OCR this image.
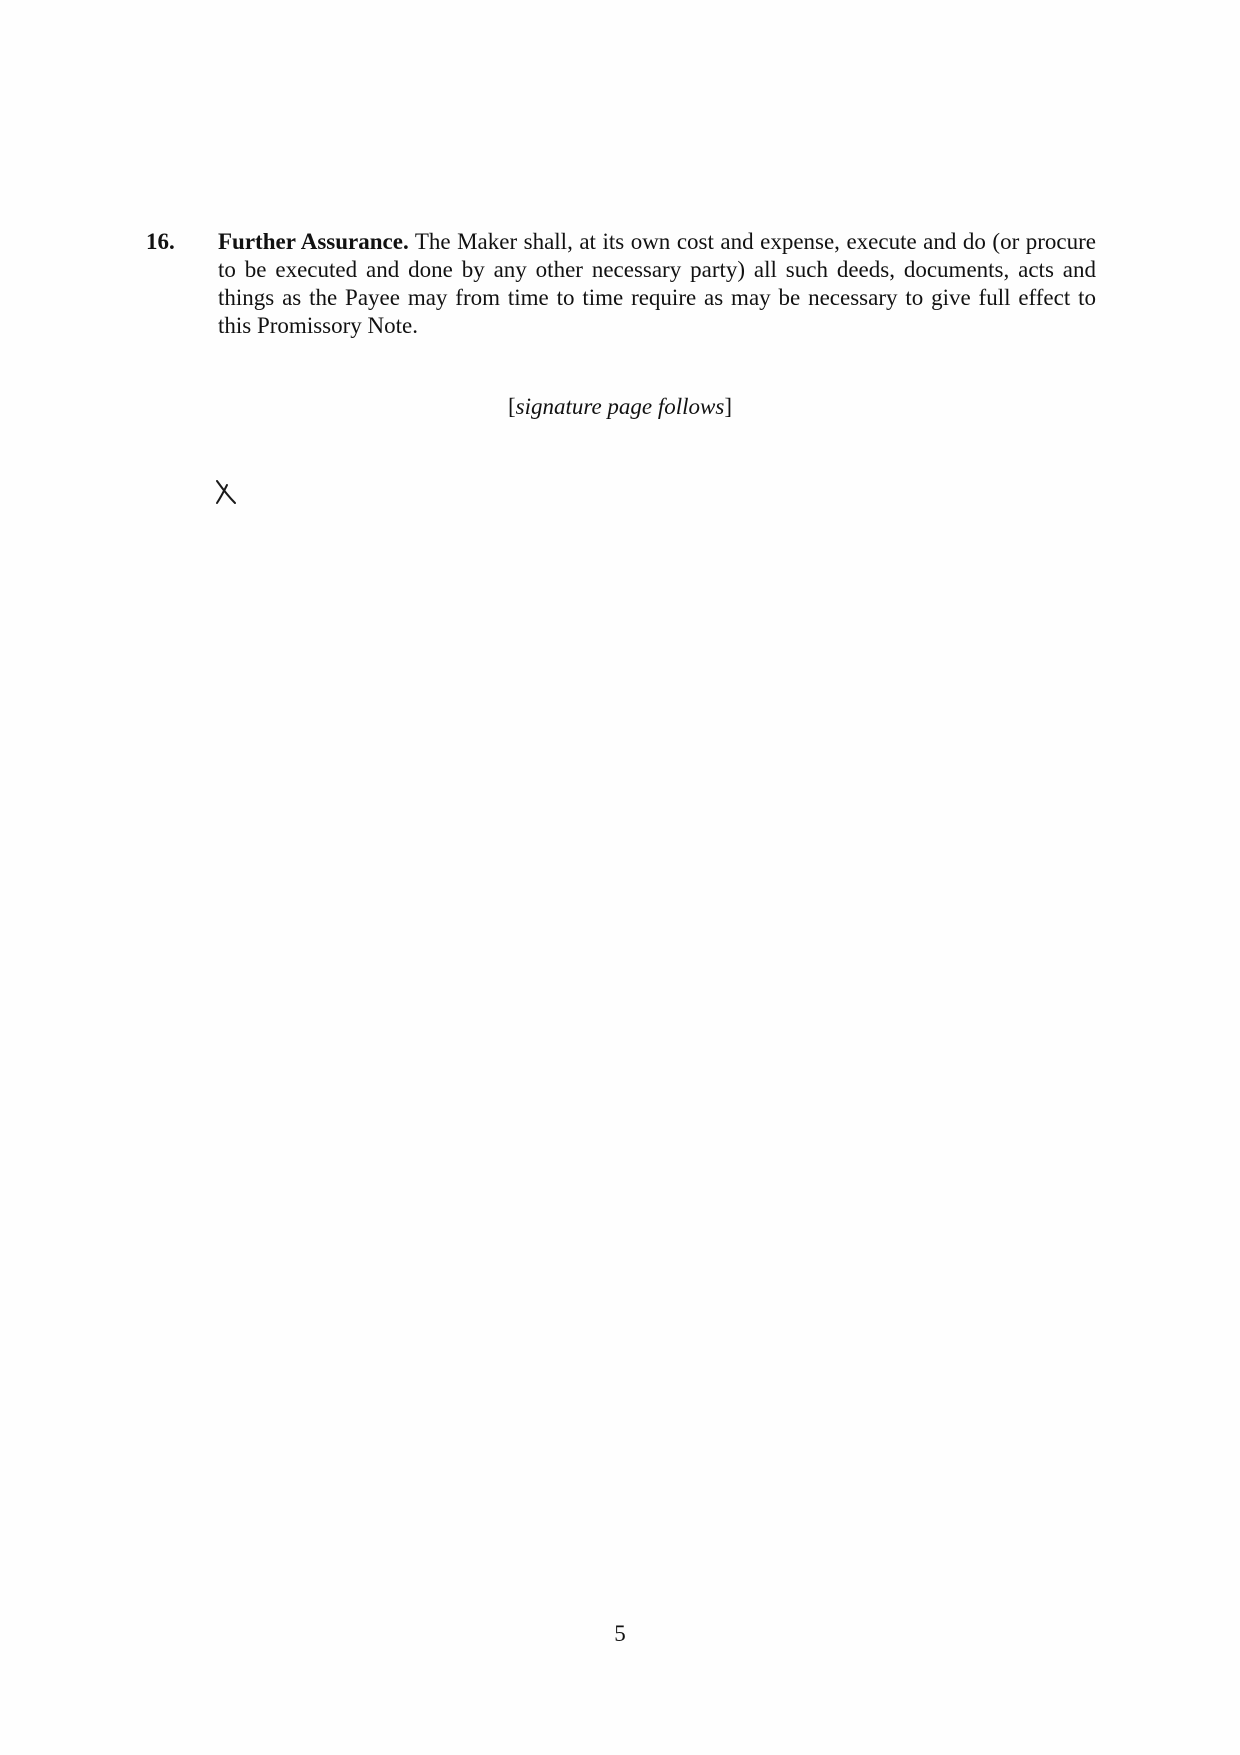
16. Further Assurance. The Maker shall, at its own cost and expense, execute and do (or procure to be executed and done by any other necessary party) all such deeds, documents, acts and things as the Payee may from time to time require as may be necessary to give full effect to this Promissory Note.
[signature page follows]
5
